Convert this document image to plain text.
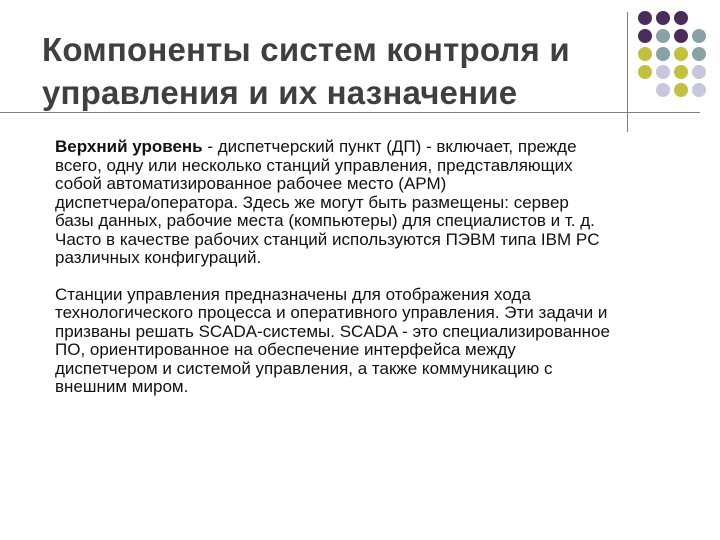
Компоненты систем контроля и
управления и их назначение
Верхний уровень - диспетчерский пункт (ДП) - включает, прежде
всего, одну или несколько станций управления, представляющих
собой автоматизированное рабочее место (АРМ)
диспетчера/оператора. Здесь же могут быть размещены: сервер
базы данных, рабочие места (компьютеры) для специалистов и т. д.
Часто в качестве рабочих станций используются ПЭВМ типа IBM PC
различных конфигураций.
Станции управления предназначены для отображения хода
технологического процесса и оперативного управления. Эти задачи и
призваны решать SCADA-системы. SCADA - это специализированное
ПО, ориентированное на обеспечение интерфейса между
диспетчером и системой управления, а также коммуникацию с
внешним миром.
